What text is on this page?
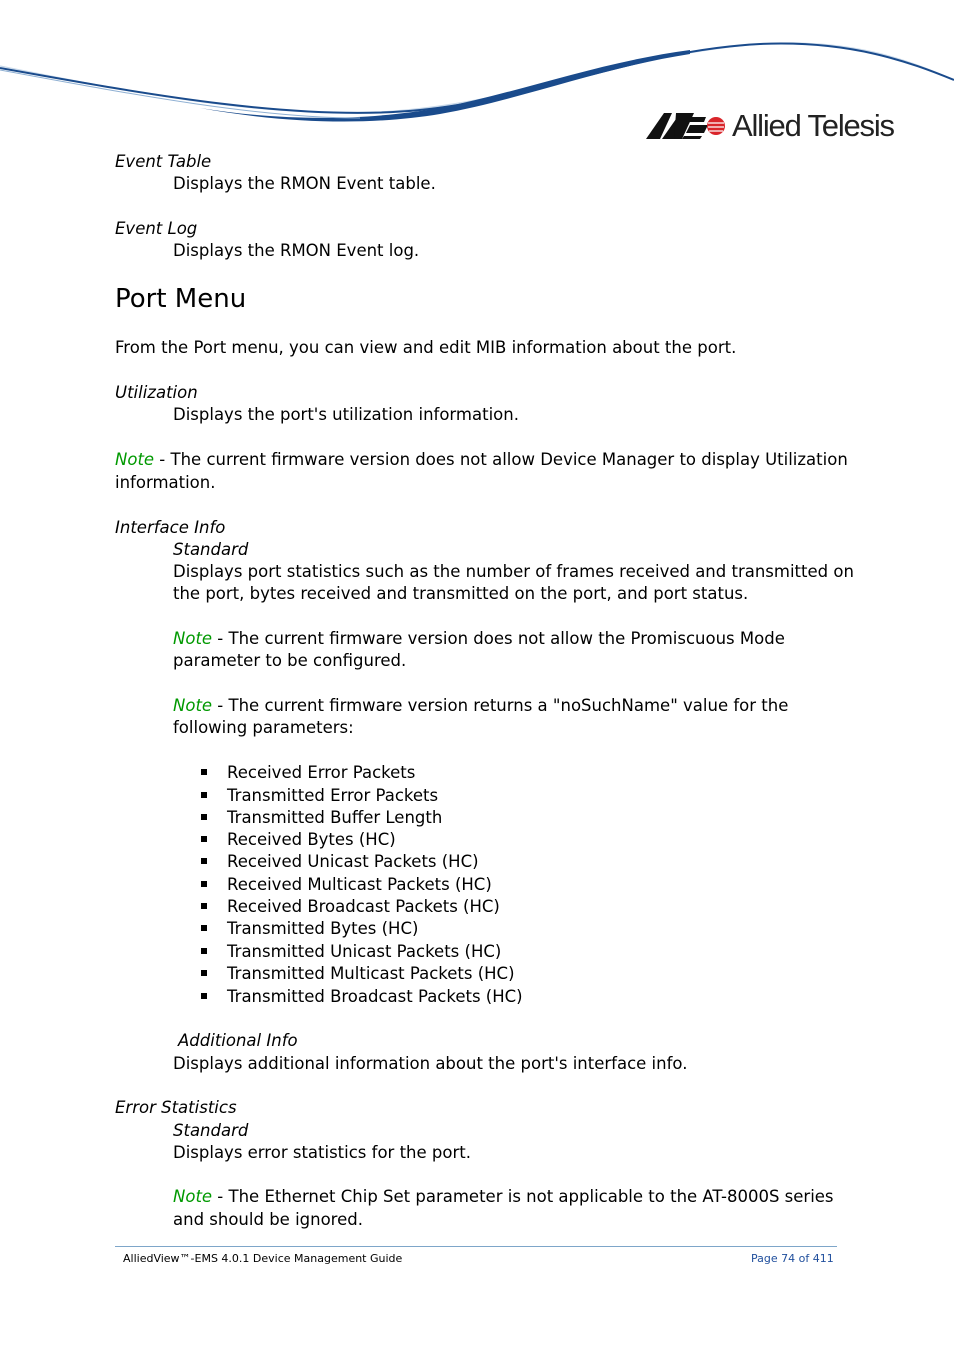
Allied Telesis
Event Table
Displays the RMON Event table.
Event Log
Displays the RMON Event log.
Port Menu
From the Port menu, you can view and edit MIB information about the port.
Utilization
Displays the port's utilization information.
Note - The current firmware version does not allow Device Manager to display Utilization
information.
Interface Info
Standard
Displays port statistics such as the number of frames received and transmitted on
the port, bytes received and transmitted on the port, and port status.
Note - The current firmware version does not allow the Promiscuous Mode
parameter to be configured.
Note - The current firmware version returns a "noSuchName" value for the
following parameters:
Received Error Packets
Transmitted Error Packets
Transmitted Buffer Length
Received Bytes (HC)
Received Unicast Packets (HC)
Received Multicast Packets (HC)
Received Broadcast Packets (HC)
Transmitted Bytes (HC)
Transmitted Unicast Packets (HC)
Transmitted Multicast Packets (HC)
Transmitted Broadcast Packets (HC)
Additional Info
Displays additional information about the port's interface info.
Error Statistics
Standard
Displays error statistics for the port.
Note - The Ethernet Chip Set parameter is not applicable to the AT-8000S series
and should be ignored.
AlliedView™-EMS 4.0.1 Device Management Guide	Page 74 of 411
